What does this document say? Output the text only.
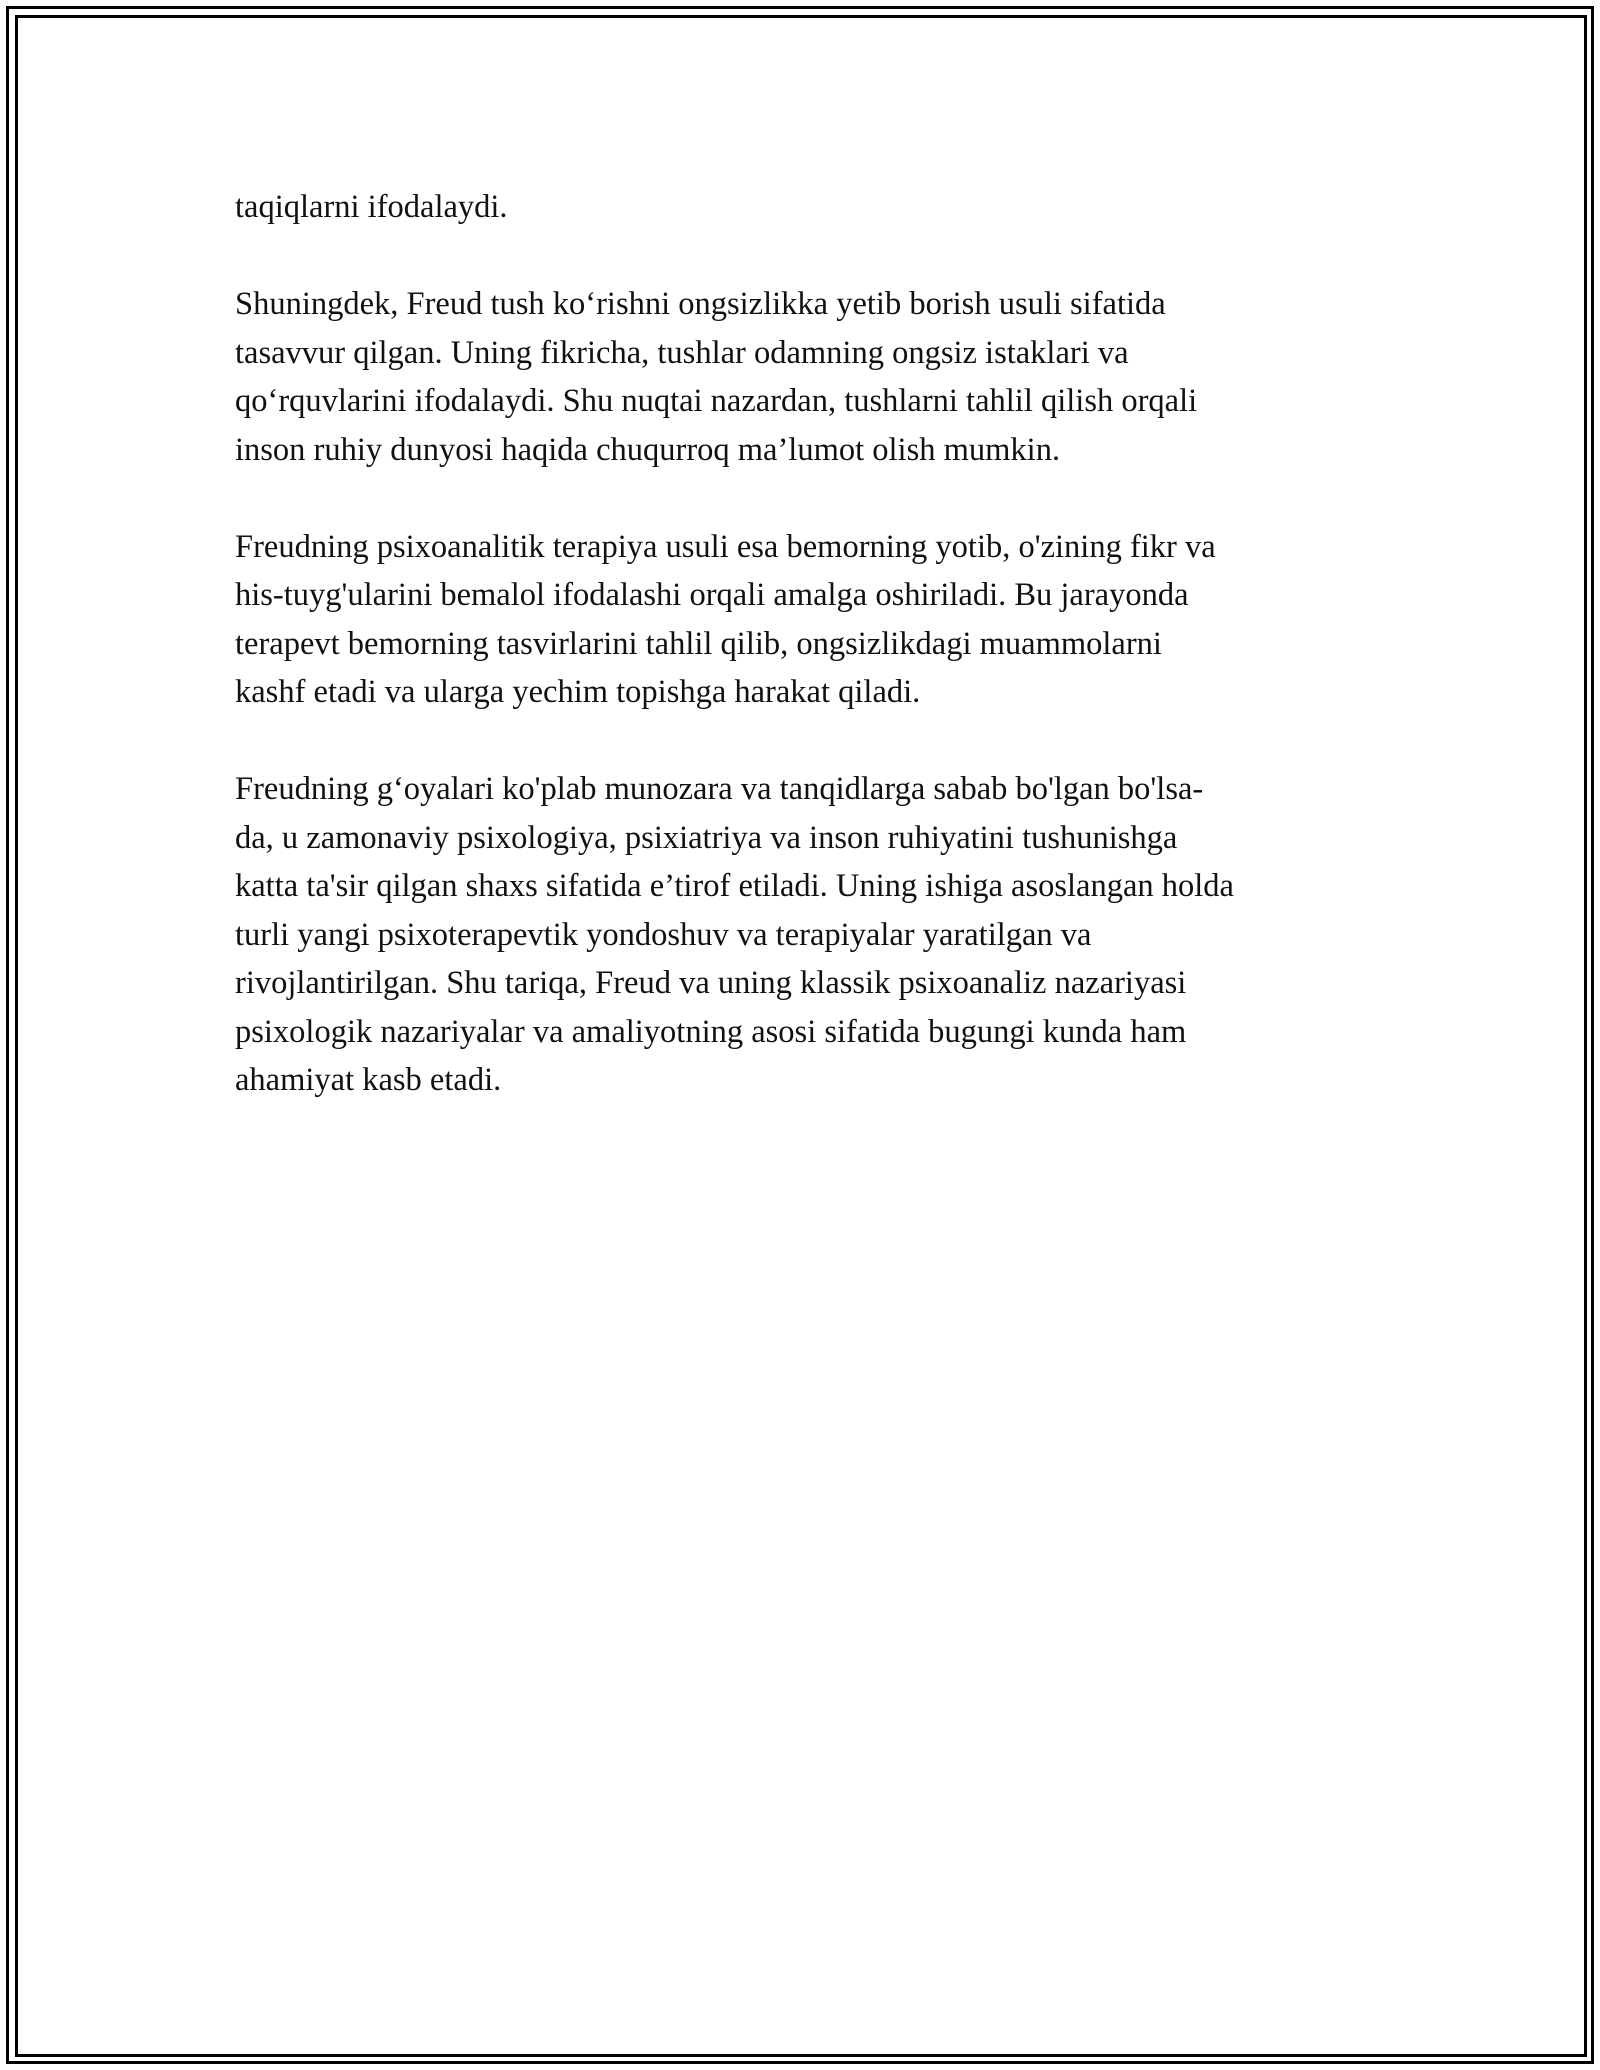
taqiqlarni ifodalaydi.

Shuningdek, Freud tush ko‘rishni ongsizlikka yetib borish usuli sifatida
tasavvur qilgan. Uning fikricha, tushlar odamning ongsiz istaklari va
qo‘rquvlarini ifodalaydi. Shu nuqtai nazardan, tushlarni tahlil qilish orqali
inson ruhiy dunyosi haqida chuqurroq ma’lumot olish mumkin.

Freudning psixoanalitik terapiya usuli esa bemorning yotib, o'zining fikr va
his-tuyg'ularini bemalol ifodalashi orqali amalga oshiriladi. Bu jarayonda
terapevt bemorning tasvirlarini tahlil qilib, ongsizlikdagi muammolarni
kashf etadi va ularga yechim topishga harakat qiladi.

Freudning g‘oyalari ko'plab munozara va tanqidlarga sabab bo'lgan bo'lsa-
da, u zamonaviy psixologiya, psixiatriya va inson ruhiyatini tushunishga
katta ta'sir qilgan shaxs sifatida e’tirof etiladi. Uning ishiga asoslangan holda
turli yangi psixoterapevtik yondoshuv va terapiyalar yaratilgan va
rivojlantirilgan. Shu tariqa, Freud va uning klassik psixoanaliz nazariyasi
psixologik nazariyalar va amaliyotning asosi sifatida bugungi kunda ham
ahamiyat kasb etadi.
